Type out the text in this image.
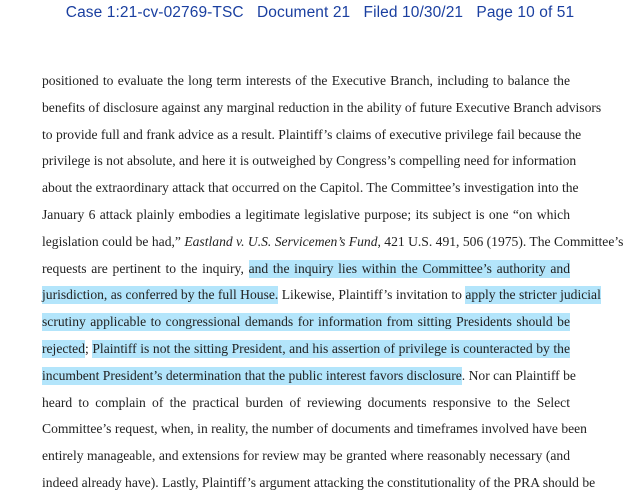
Case 1:21-cv-02769-TSC Document 21 Filed 10/30/21 Page 10 of 51
positioned to evaluate the long term interests of the Executive Branch, including to balance the
benefits of disclosure against any marginal reduction in the ability of future Executive Branch advisors
to provide full and frank advice as a result. Plaintiff’s claims of executive privilege fail because the
privilege is not absolute, and here it is outweighed by Congress’s compelling need for information
about the extraordinary attack that occurred on the Capitol. The Committee’s investigation into the
January 6 attack plainly embodies a legitimate legislative purpose; its subject is one “on which
legislation could be had,” Eastland v. U.S. Servicemen’s Fund, 421 U.S. 491, 506 (1975). The Committee’s
requests are pertinent to the inquiry, and the inquiry lies within the Committee’s authority and
jurisdiction, as conferred by the full House. Likewise, Plaintiff’s invitation to apply the stricter judicial
scrutiny applicable to congressional demands for information from sitting Presidents should be
rejected; Plaintiff is not the sitting President, and his assertion of privilege is counteracted by the
incumbent President’s determination that the public interest favors disclosure. Nor can Plaintiff be
heard to complain of the practical burden of reviewing documents responsive to the Select
Committee’s request, when, in reality, the number of documents and timeframes involved have been
entirely manageable, and extensions for review may be granted where reasonably necessary (and
indeed already have). Lastly, Plaintiff’s argument attacking the constitutionality of the PRA should be
